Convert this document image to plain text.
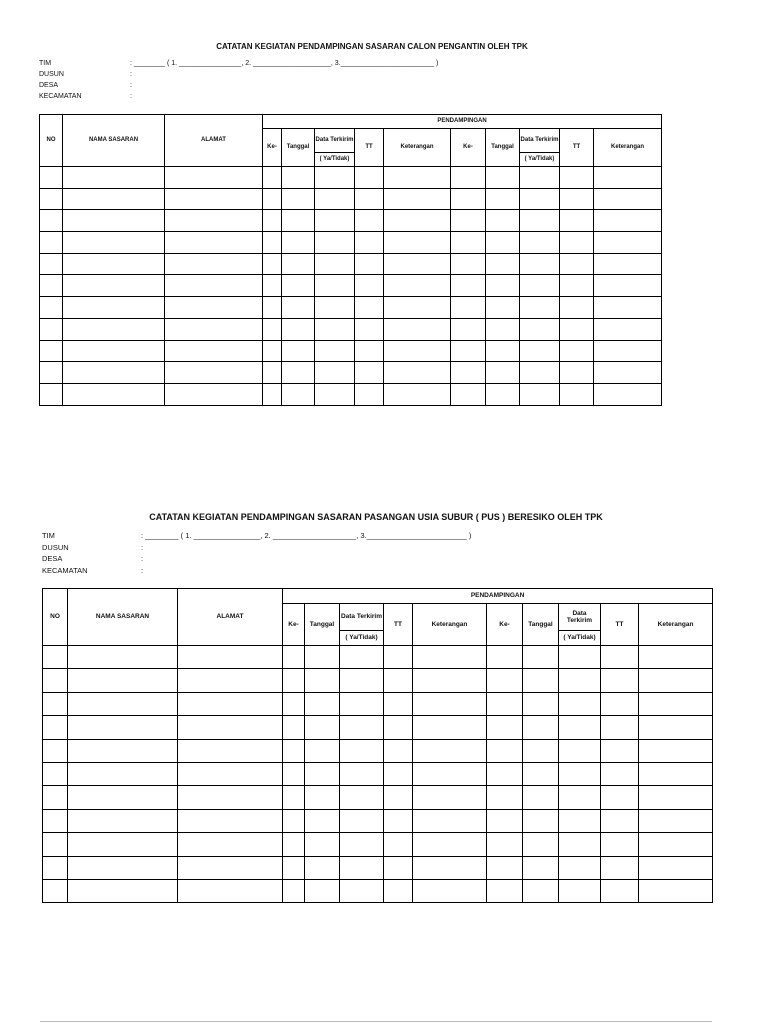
CATATAN KEGIATAN PENDAMPINGAN SASARAN CALON PENGANTIN OLEH TPK
TIM	: ________ ( 1. ________________, 2. ____________________, 3.________________________ )
DUSUN	:
DESA	:
KECAMATAN	:
NO	NAMA SASARAN	ALAMAT	PENDAMPINGAN									
			Ke-	Tanggal	Data Terkirim	TT	Keterangan	Ke-	Tanggal	Data Terkirim	TT	Keterangan
					( Ya/Tidak)					( Ya/Tidak)		

CATATAN KEGIATAN PENDAMPINGAN SASARAN PASANGAN USIA SUBUR ( PUS ) BERESIKO OLEH TPK
TIM	: ________ ( 1. ________________, 2. ____________________, 3.________________________ )
DUSUN	:
DESA	:
KECAMATAN	:
NO	NAMA SASARAN	ALAMAT	PENDAMPINGAN									
			Ke-	Tanggal	Data Terkirim	TT	Keterangan	Ke-	Tanggal	Data Terkirim	TT	Keterangan
					( Ya/Tidak)					( Ya/Tidak)		
